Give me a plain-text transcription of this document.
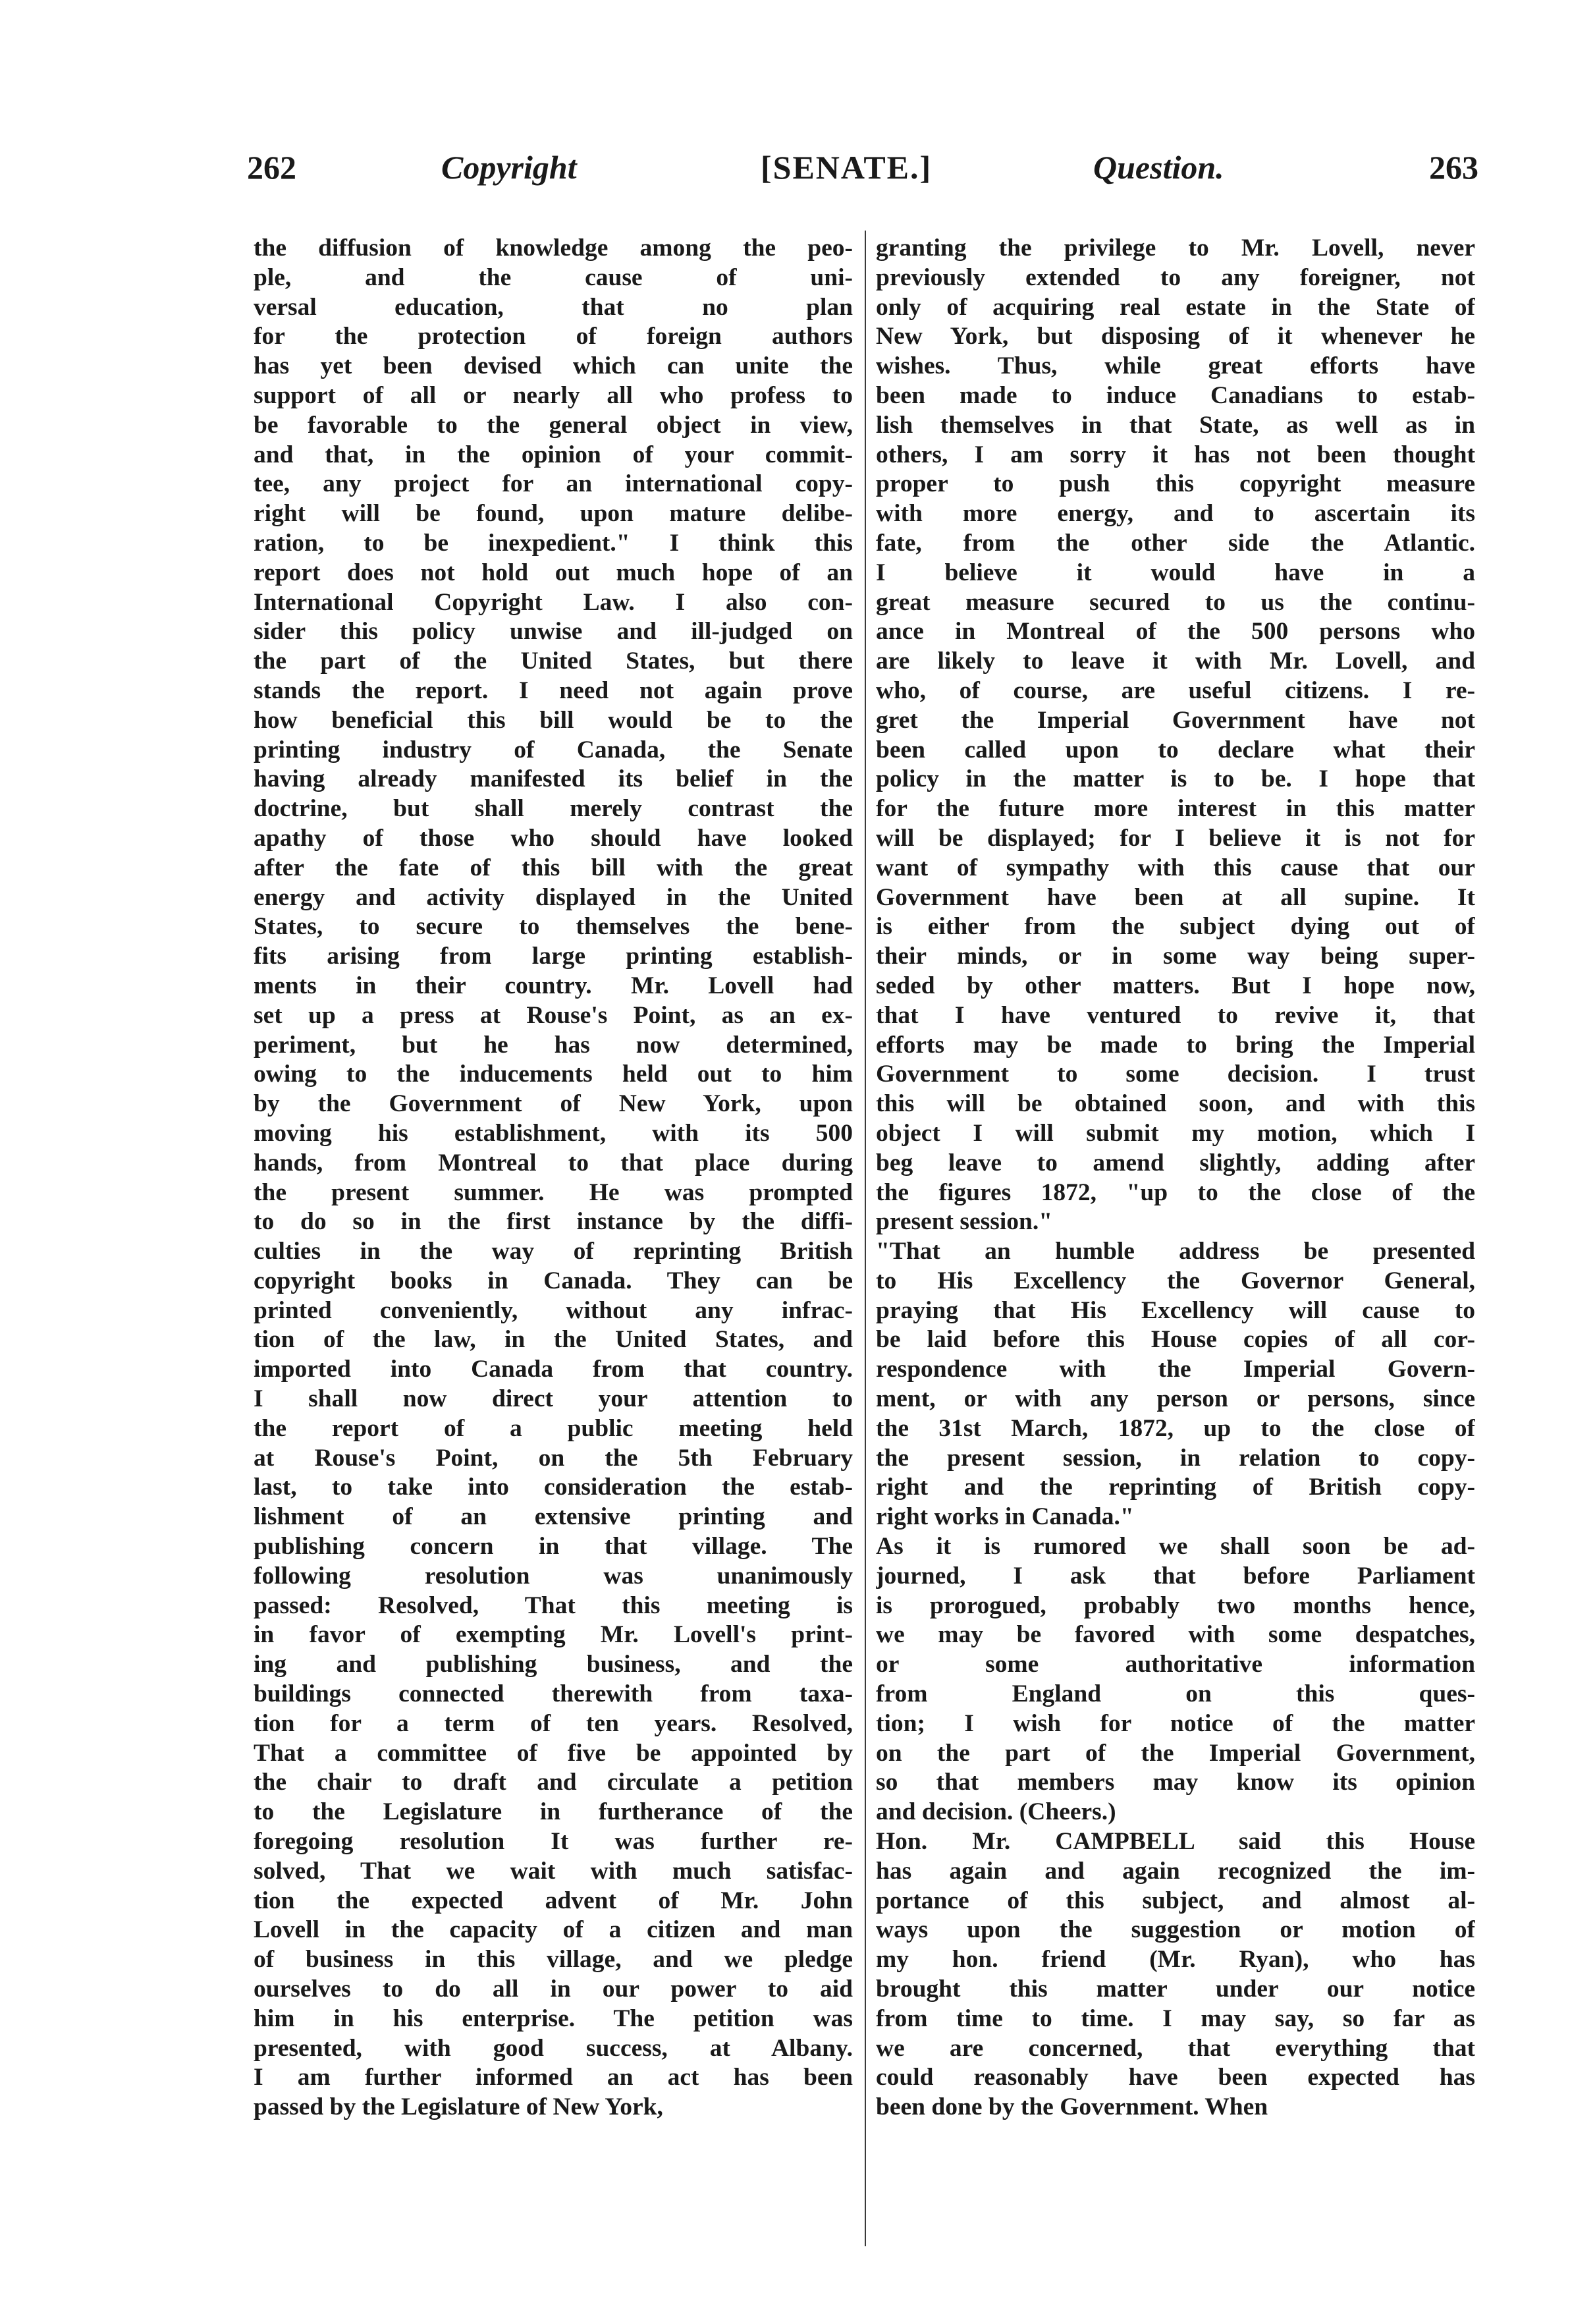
262	Copyright	[SENATE.]	Question.	263
the diffusion of knowledge among the peo-
ple, and the cause of uni-
versal education, that no plan
for the protection of foreign authors
has yet been devised which can unite the
support of all or nearly all who profess to
be favorable to the general object in view,
and that, in the opinion of your commit-
tee, any project for an international copy-
right will be found, upon mature delibe-
ration, to be inexpedient." I think this
report does not hold out much hope of an
International Copyright Law. I also con-
sider this policy unwise and ill-judged on
the part of the United States, but there
stands the report. I need not again prove
how beneficial this bill would be to the
printing industry of Canada, the Senate
having already manifested its belief in the
doctrine, but shall merely contrast the
apathy of those who should have looked
after the fate of this bill with the great
energy and activity displayed in the United
States, to secure to themselves the bene-
fits arising from large printing establish-
ments in their country. Mr. Lovell had
set up a press at Rouse's Point, as an ex-
periment, but he has now determined,
owing to the inducements held out to him
by the Government of New York, upon
moving his establishment, with its 500
hands, from Montreal to that place during
the present summer. He was prompted
to do so in the first instance by the diffi-
culties in the way of reprinting British
copyright books in Canada. They can be
printed conveniently, without any infrac-
tion of the law, in the United States, and
imported into Canada from that country.
I shall now direct your attention to
the report of a public meeting held
at Rouse's Point, on the 5th February
last, to take into consideration the estab-
lishment of an extensive printing and
publishing concern in that village. The
following resolution was unanimously
passed: Resolved, That this meeting is
in favor of exempting Mr. Lovell's print-
ing and publishing business, and the
buildings connected therewith from taxa-
tion for a term of ten years. Resolved,
That a committee of five be appointed by
the chair to draft and circulate a petition
to the Legislature in furtherance of the
foregoing resolution It was further re-
solved, That we wait with much satisfac-
tion the expected advent of Mr. John
Lovell in the capacity of a citizen and man
of business in this village, and we pledge
ourselves to do all in our power to aid
him in his enterprise. The petition was
presented, with good success, at Albany.
I am further informed an act has been
passed by the Legislature of New York,
granting the privilege to Mr. Lovell, never
previously extended to any foreigner, not
only of acquiring real estate in the State of
New York, but disposing of it whenever he
wishes. Thus, while great efforts have
been made to induce Canadians to estab-
lish themselves in that State, as well as in
others, I am sorry it has not been thought
proper to push this copyright measure
with more energy, and to ascertain its
fate, from the other side the Atlantic.
I believe it would have in a
great measure secured to us the continu-
ance in Montreal of the 500 persons who
are likely to leave it with Mr. Lovell, and
who, of course, are useful citizens. I re-
gret the Imperial Government have not
been called upon to declare what their
policy in the matter is to be. I hope that
for the future more interest in this matter
will be displayed; for I believe it is not for
want of sympathy with this cause that our
Government have been at all supine. It
is either from the subject dying out of
their minds, or in some way being super-
seded by other matters. But I hope now,
that I have ventured to revive it, that
efforts may be made to bring the Imperial
Government to some decision. I trust
this will be obtained soon, and with this
object I will submit my motion, which I
beg leave to amend slightly, adding after
the figures 1872, "up to the close of the
present session."
"That an humble address be presented
to His Excellency the Governor General,
praying that His Excellency will cause to
be laid before this House copies of all cor-
respondence with the Imperial Govern-
ment, or with any person or persons, since
the 31st March, 1872, up to the close of
the present session, in relation to copy-
right and the reprinting of British copy-
right works in Canada."
As it is rumored we shall soon be ad-
journed, I ask that before Parliament
is prorogued, probably two months hence,
we may be favored with some despatches,
or some authoritative information
from England on this ques-
tion; I wish for notice of the matter
on the part of the Imperial Government,
so that members may know its opinion
and decision. (Cheers.)
Hon. Mr. CAMPBELL said this House
has again and again recognized the im-
portance of this subject, and almost al-
ways upon the suggestion or motion of
my hon. friend (Mr. Ryan), who has
brought this matter under our notice
from time to time. I may say, so far as
we are concerned, that everything that
could reasonably have been expected has
been done by the Government. When
